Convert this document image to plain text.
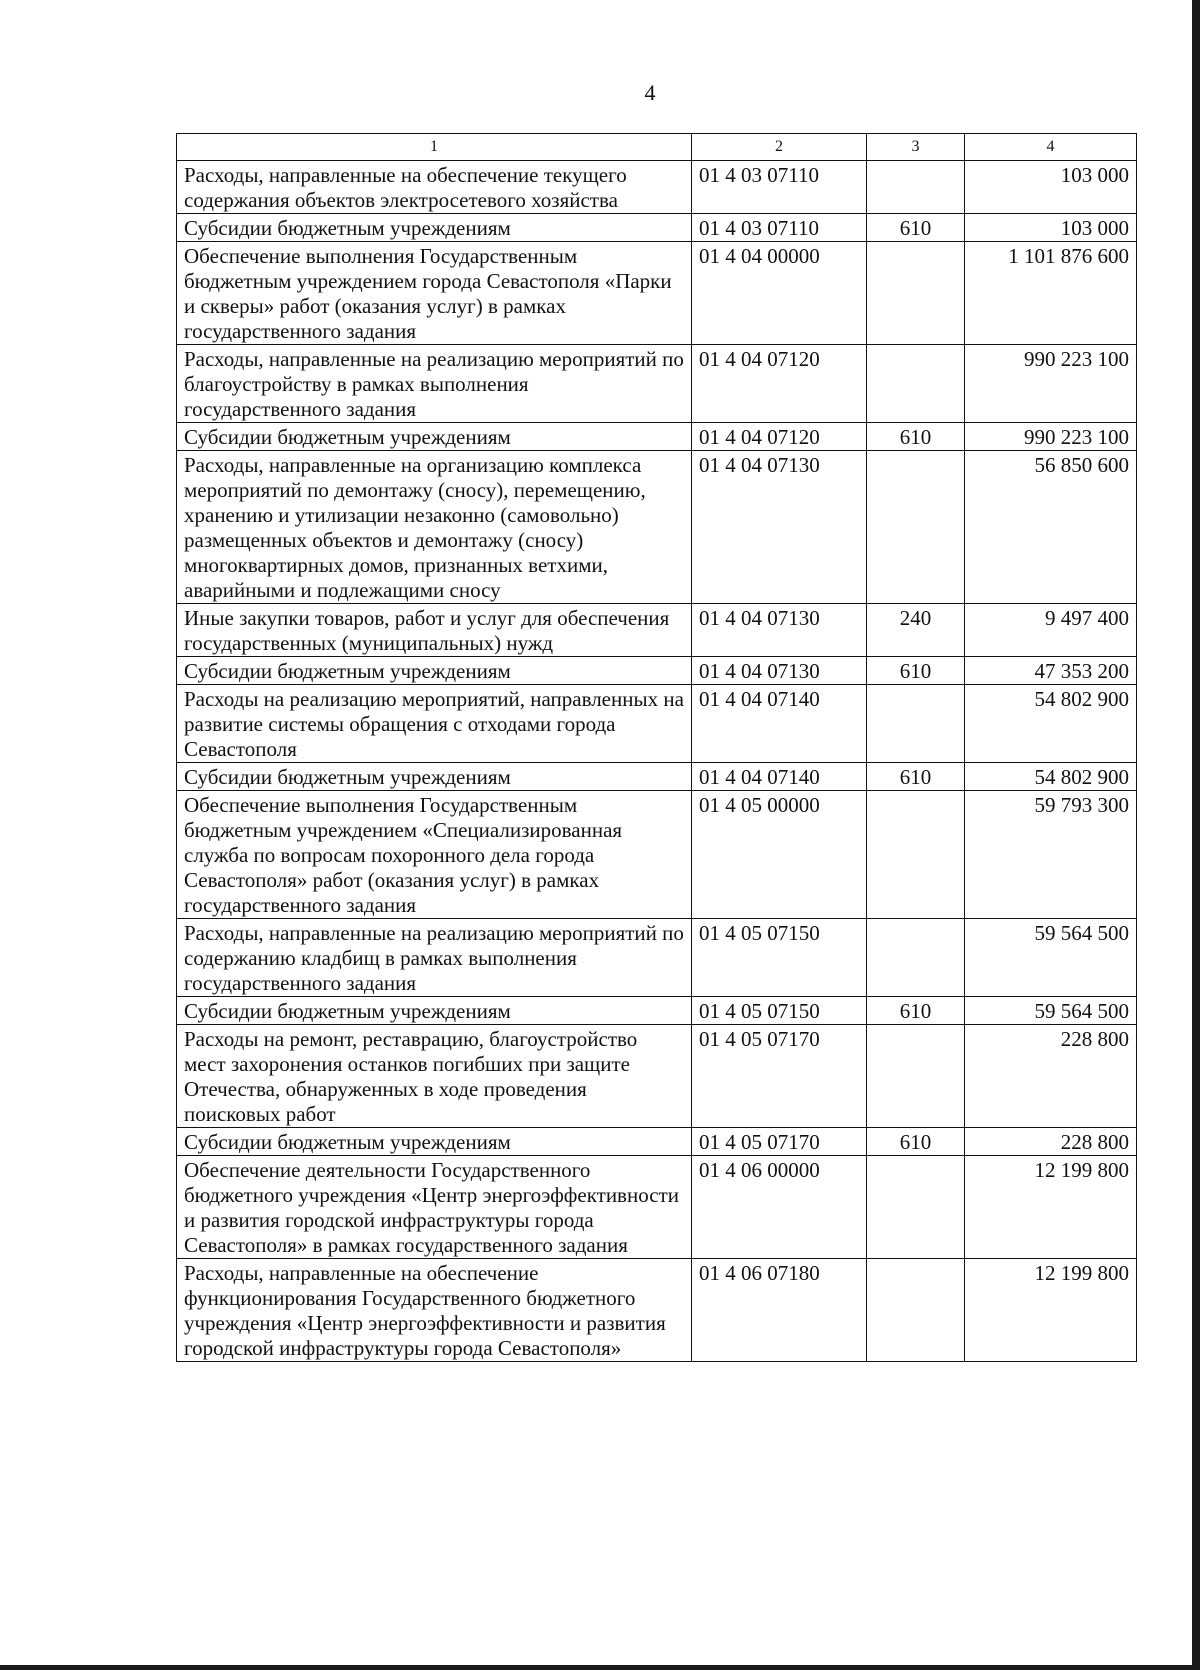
4
1	2	3	4
Расходы, направленные на обеспечение текущего содержания объектов электросетевого хозяйства	01 4 03 07110		103 000
Субсидии бюджетным учреждениям	01 4 03 07110	610	103 000
Обеспечение выполнения Государственным бюджетным учреждением города Севастополя «Парки и скверы» работ (оказания услуг) в рамках государственного задания	01 4 04 00000		1 101 876 600
Расходы, направленные на реализацию мероприятий по благоустройству в рамках выполнения государственного задания	01 4 04 07120		990 223 100
Субсидии бюджетным учреждениям	01 4 04 07120	610	990 223 100
Расходы, направленные на организацию комплекса мероприятий по демонтажу (сносу), перемещению, хранению и утилизации незаконно (самовольно) размещенных объектов и демонтажу (сносу) многоквартирных домов, признанных ветхими, аварийными и подлежащими сносу	01 4 04 07130		56 850 600
Иные закупки товаров, работ и услуг для обеспечения государственных (муниципальных) нужд	01 4 04 07130	240	9 497 400
Субсидии бюджетным учреждениям	01 4 04 07130	610	47 353 200
Расходы на реализацию мероприятий, направленных на развитие системы обращения с отходами города Севастополя	01 4 04 07140		54 802 900
Субсидии бюджетным учреждениям	01 4 04 07140	610	54 802 900
Обеспечение выполнения Государственным бюджетным учреждением «Специализированная служба по вопросам похоронного дела города Севастополя» работ (оказания услуг) в рамках государственного задания	01 4 05 00000		59 793 300
Расходы, направленные на реализацию мероприятий по содержанию кладбищ в рамках выполнения государственного задания	01 4 05 07150		59 564 500
Субсидии бюджетным учреждениям	01 4 05 07150	610	59 564 500
Расходы на ремонт, реставрацию, благоустройство мест захоронения останков погибших при защите Отечества, обнаруженных в ходе проведения поисковых работ	01 4 05 07170		228 800
Субсидии бюджетным учреждениям	01 4 05 07170	610	228 800
Обеспечение деятельности Государственного бюджетного учреждения «Центр энергоэффективности и развития городской инфраструктуры города Севастополя» в рамках государственного задания	01 4 06 00000		12 199 800
Расходы, направленные на обеспечение функционирования Государственного бюджетного учреждения «Центр энергоэффективности и развития городской инфраструктуры города Севастополя»	01 4 06 07180		12 199 800
